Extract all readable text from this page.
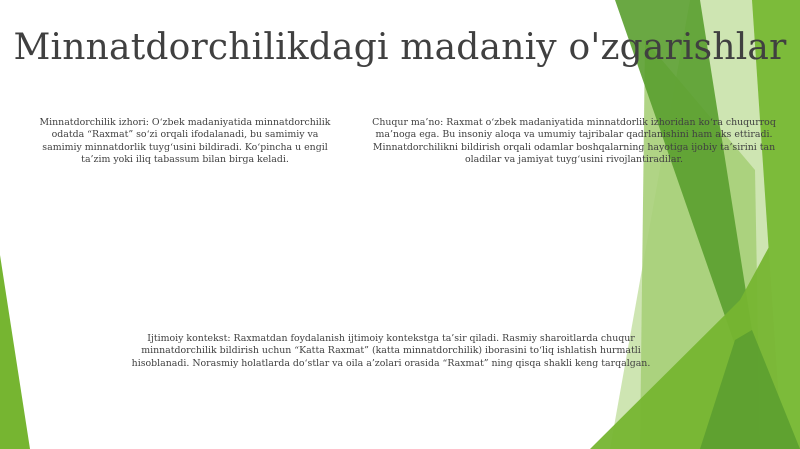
Minnatdorchilikdagi madaniy o'zgarishlar
Minnatdorchilik izhori: O‘zbek madaniyatida minnatdorchilik odatda “Raxmat” so‘zi orqali ifodalanadi, bu samimiy va samimiy minnatdorlik tuyg‘usini bildiradi. Ko‘pincha u engil ta’zim yoki iliq tabassum bilan birga keladi.
Chuqur ma’no: Raxmat o‘zbek madaniyatida minnatdorlik izhoridan ko‘ra chuqurroq ma’noga ega. Bu insoniy aloqa va umumiy tajribalar qadrlanishini ham aks ettiradi. Minnatdorchilikni bildirish orqali odamlar boshqalarning hayotiga ijobiy ta’sirini tan oladilar va jamiyat tuyg‘usini rivojlantiradilar.
Ijtimoiy kontekst: Raxmatdan foydalanish ijtimoiy kontekstga ta’sir qiladi. Rasmiy sharoitlarda chuqur minnatdorchilik bildirish uchun “Katta Raxmat” (katta minnatdorchilik) iborasini to‘liq ishlatish hurmatli hisoblanadi. Norasmiy holatlarda do‘stlar va oila a’zolari orasida “Raxmat” ning qisqa shakli keng tarqalgan.
